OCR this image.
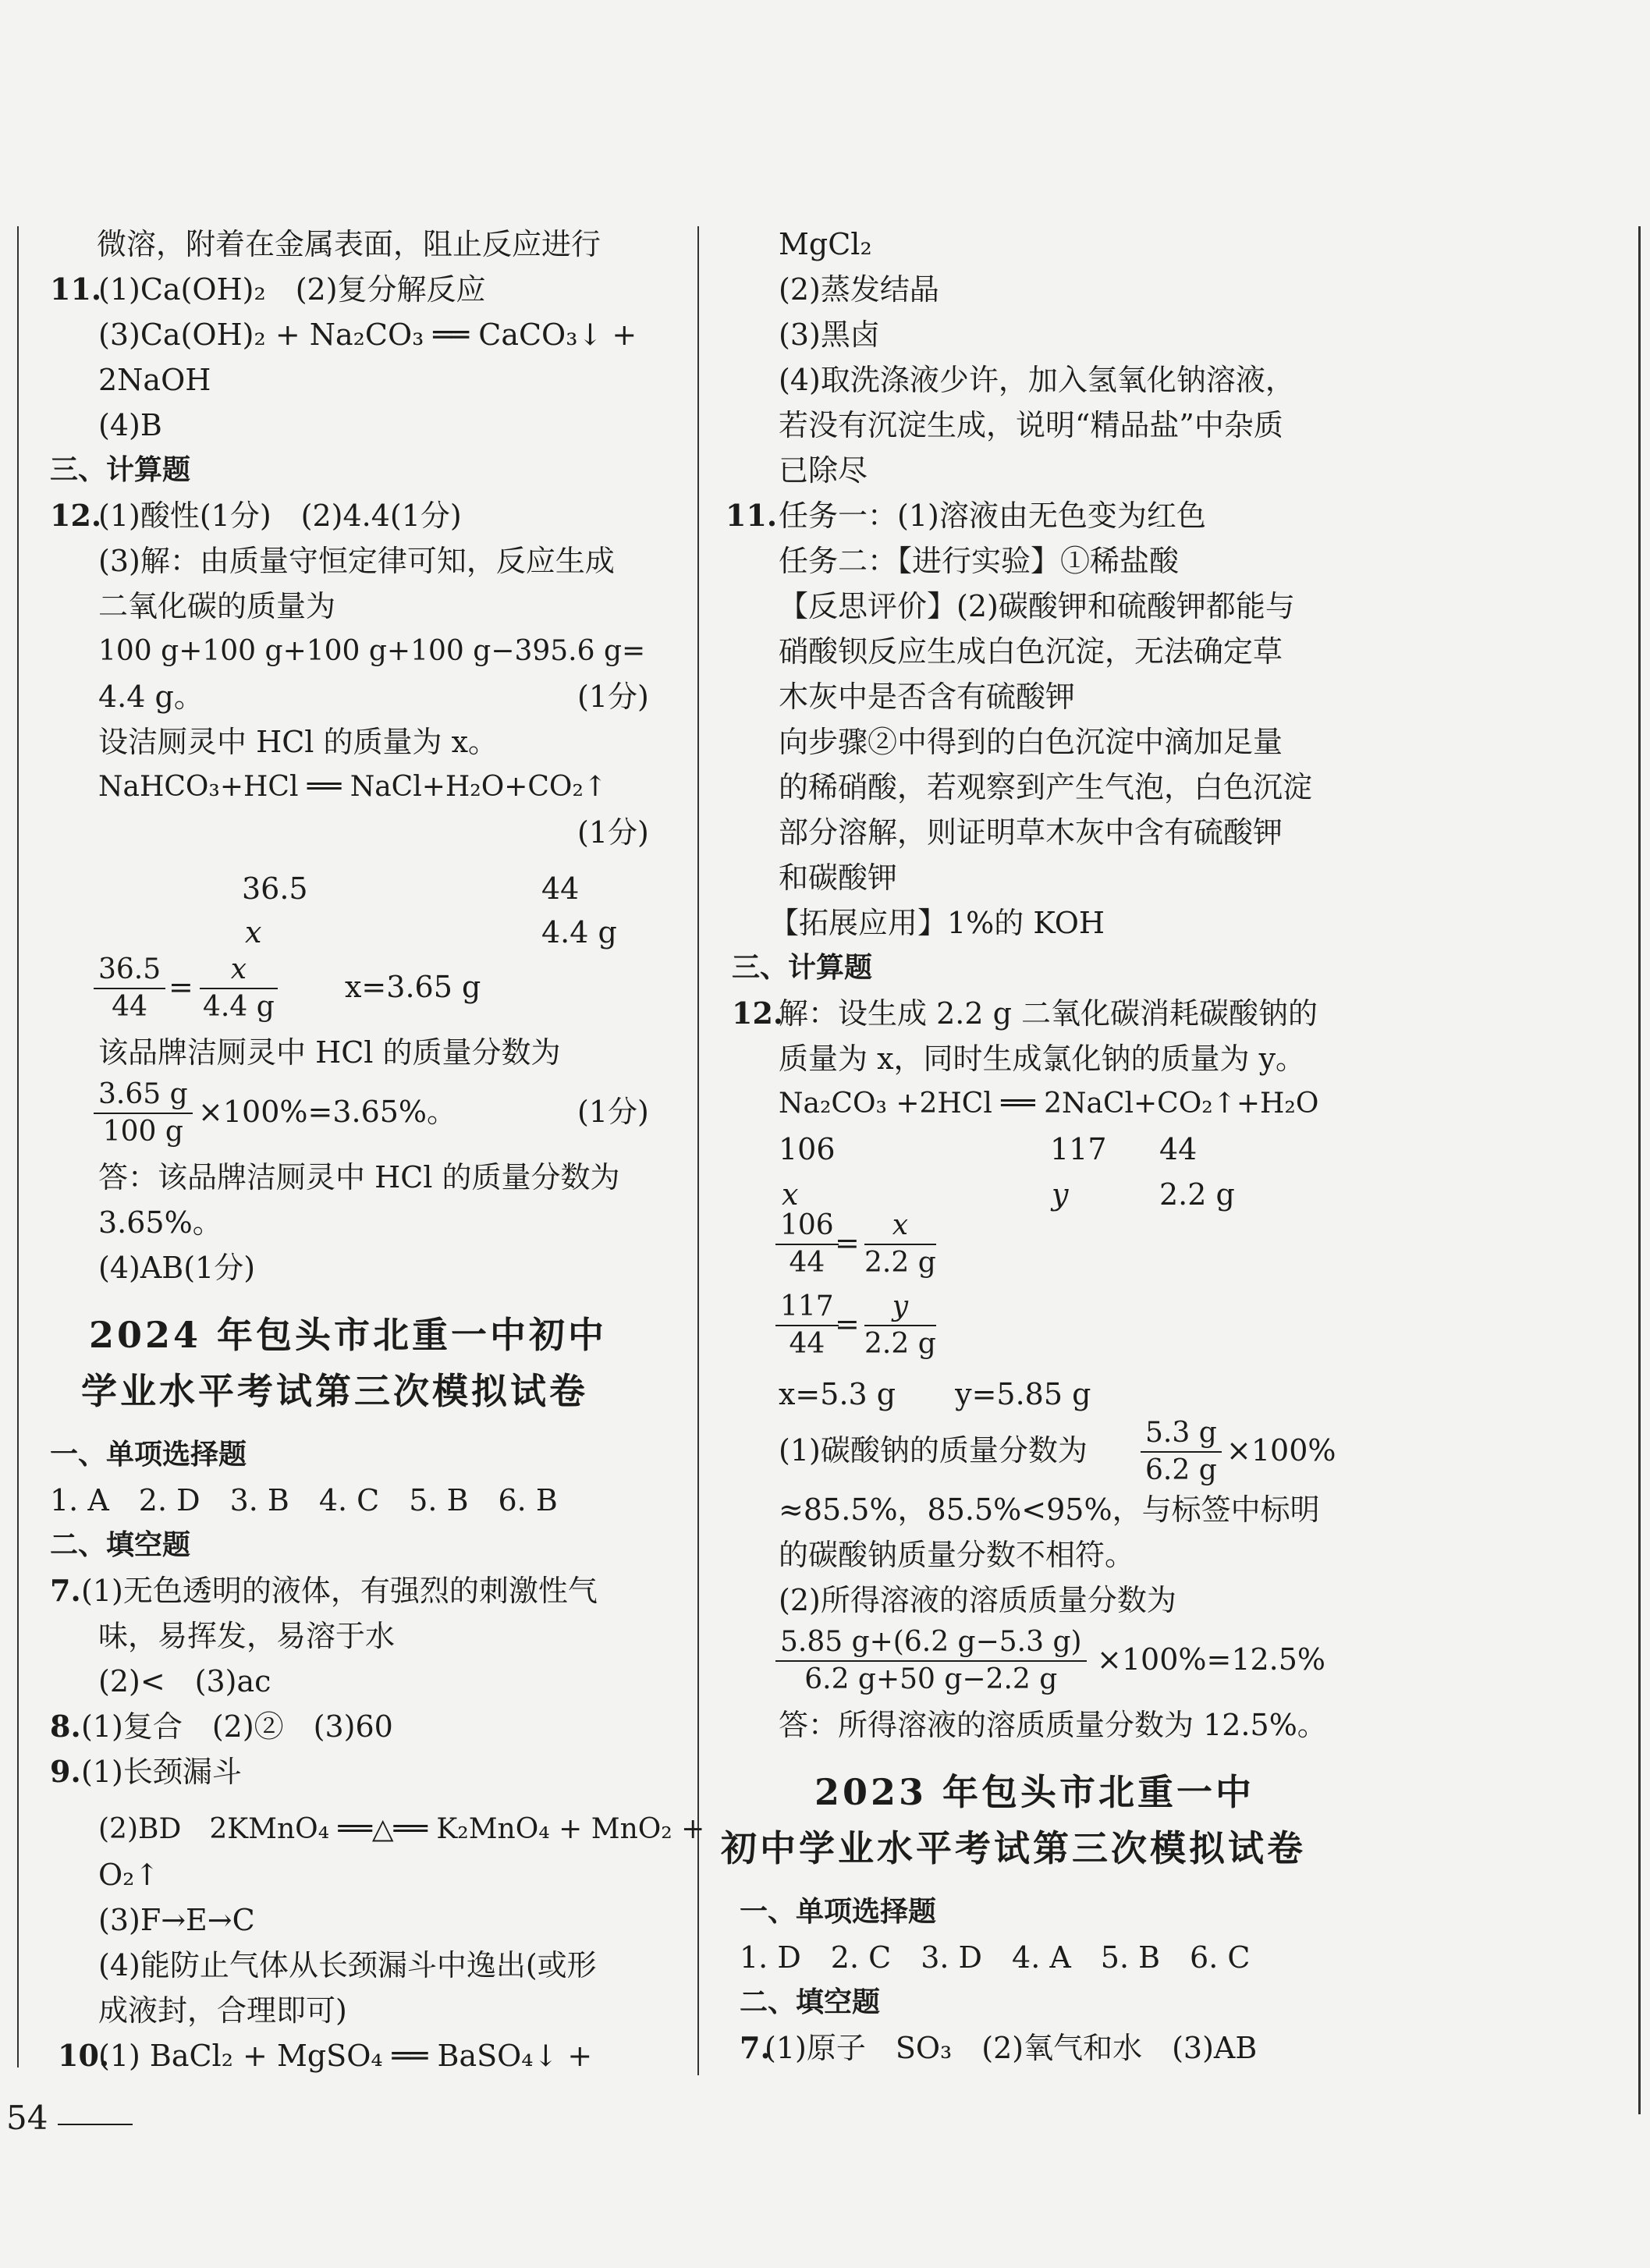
微溶，附着在金属表面，阻止反应进行
11.
(1)Ca(OH)₂　(2)复分解反应
(3)Ca(OH)₂ + Na₂CO₃ ══ CaCO₃↓ +
2NaOH
(4)B
三、计算题
12.
(1)酸性(1分)　(2)4.4(1分)
(3)解：由质量守恒定律可知，反应生成
二氧化碳的质量为
100 g+100 g+100 g+100 g−395.6 g=
4.4 g。	(1分)
设洁厕灵中 HCl 的质量为 x。
NaHCO₃+HCl ══ NaCl+H₂O+CO₂↑
(1分)
36.5	44
x	4.4 g
$\frac{36.5}{44} = \frac{x}{4.4 g} x=3.65$ g
该品牌洁厕灵中 HCl 的质量分数为
$\frac{3.65 g}{100 g} \times 100\%=3.65\%$。	(1分)
答：该品牌洁厕灵中 HCl 的质量分数为
3.65%。
(4)AB(1分)
2024 年包头市北重一中初中
学业水平考试第三次模拟试卷
一、单项选择题
1. A　2. D　3. B　4. C　5. B　6. B
二、填空题
7. (1)无色透明的液体，有强烈的刺激性气
味，易挥发，易溶于水
(2)<　(3)ac
8. (1)复合　(2)②　(3)60
9. (1)长颈漏斗
(2)BD　2KMnO₄ ══△══ K₂MnO₄ + MnO₂ +
O₂↑
(3)F→E→C
(4)能防止气体从长颈漏斗中逸出(或形
成液封，合理即可)
10.
(1) BaCl₂ + MgSO₄ ══ BaSO₄↓ +
MgCl₂
(2)蒸发结晶
(3)黑卤
(4)取洗涤液少许，加入氢氧化钠溶液，
若没有沉淀生成，说明“精品盐”中杂质
已除尽
11. 任务一：(1)溶液由无色变为红色
任务二：【进行实验】①稀盐酸
【反思评价】(2)碳酸钾和硫酸钾都能与
硝酸钡反应生成白色沉淀，无法确定草
木灰中是否含有硫酸钾
向步骤②中得到的白色沉淀中滴加足量
的稀硝酸，若观察到产生气泡，白色沉淀
部分溶解，则证明草木灰中含有硫酸钾
和碳酸钾
【拓展应用】1%的 KOH
三、计算题
12.
解：设生成 2.2 g 二氧化碳消耗碳酸钠的
质量为 x，同时生成氯化钠的质量为 y。
Na₂CO₃ +2HCl ══ 2NaCl+CO₂↑+H₂O
106	117 44
x	y	2.2 g
$\frac{106}{44}$
= $\frac{x}{2.2 g}$
$\frac{117}{44}$
= $\frac{y}{2.2 g}$
x=5.3 g　　y=5.85 g
(1)碳酸钠的质量分数为 $\frac{5.3 g}{6.2 g} \times 100\%$
≈85.5%，85.5%<95%，与标签中标明
的碳酸钠质量分数不相符。
(2)所得溶液的溶质质量分数为
$\frac{5.85 g+(6.2 g-5.3 g)}{6.2 g+50 g-2.2 g} \times 100\%=12.5\%$
答：所得溶液的溶质质量分数为 12.5%。
2023 年包头市北重一中
初中学业水平考试第三次模拟试卷
一、单项选择题
1. D　2. C　3. D　4. A　5. B　6. C
二、填空题
7.
(1)原子　SO₃　(2)氧气和水　(3)AB
54
